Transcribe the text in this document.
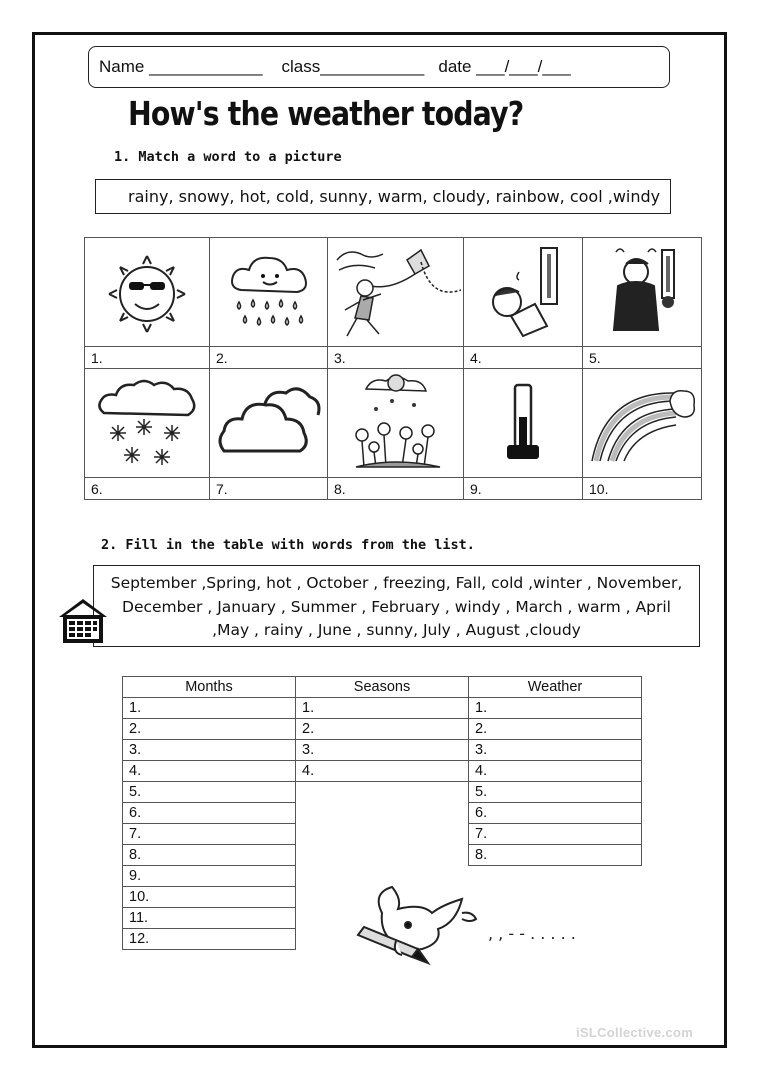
Name ____________ class___________ date ___/___/___
How's the weather today?
1. Match a word to a picture
rainy, snowy, hot, cold, sunny, warm, cloudy, rainbow, cool ,windy

1.	2.	3.	4.	5.

6.	7.	8.	9.	10.
2. Fill in the table with words from the list.
September ,Spring, hot , October , freezing, Fall, cold ,winter , November,
December , January , Summer , February , windy , March , warm , April
,May , rainy , June , sunny, July , August ,cloudy
Months	Seasons	Weather
1.	1.	1.
2.	2.	2.
3.	3.	3.
4.	4.	4.
5.		5.
6.		6.
7.		7.
8.		8.
9.		
10.		
11.		
12.			, , - - . . . . .
iSLCollective.com
